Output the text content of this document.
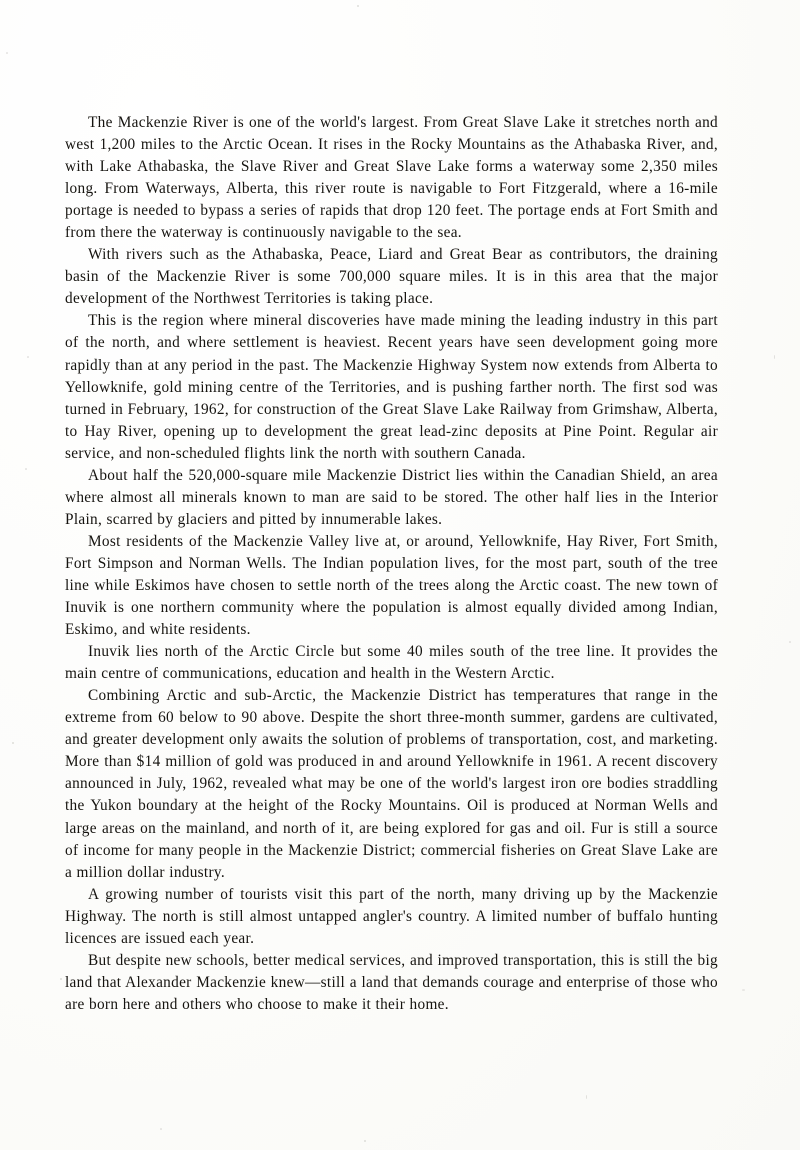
The Mackenzie River is one of the world's largest. From Great Slave Lake it stretches north and west 1,200 miles to the Arctic Ocean. It rises in the Rocky Mountains as the Athabaska River, and, with Lake Athabaska, the Slave River and Great Slave Lake forms a waterway some 2,350 miles long. From Waterways, Alberta, this river route is navigable to Fort Fitzgerald, where a 16-mile portage is needed to bypass a series of rapids that drop 120 feet. The portage ends at Fort Smith and from there the waterway is continuously navigable to the sea.

With rivers such as the Athabaska, Peace, Liard and Great Bear as contributors, the draining basin of the Mackenzie River is some 700,000 square miles. It is in this area that the major development of the Northwest Territories is taking place.

This is the region where mineral discoveries have made mining the leading industry in this part of the north, and where settlement is heaviest. Recent years have seen development going more rapidly than at any period in the past. The Mackenzie Highway System now extends from Alberta to Yellowknife, gold mining centre of the Territories, and is pushing farther north. The first sod was turned in February, 1962, for construction of the Great Slave Lake Railway from Grimshaw, Alberta, to Hay River, opening up to development the great lead-zinc deposits at Pine Point. Regular air service, and non-scheduled flights link the north with southern Canada.

About half the 520,000-square mile Mackenzie District lies within the Canadian Shield, an area where almost all minerals known to man are said to be stored. The other half lies in the Interior Plain, scarred by glaciers and pitted by innumerable lakes.

Most residents of the Mackenzie Valley live at, or around, Yellowknife, Hay River, Fort Smith, Fort Simpson and Norman Wells. The Indian population lives, for the most part, south of the tree line while Eskimos have chosen to settle north of the trees along the Arctic coast. The new town of Inuvik is one northern community where the population is almost equally divided among Indian, Eskimo, and white residents.

Inuvik lies north of the Arctic Circle but some 40 miles south of the tree line. It provides the main centre of communications, education and health in the Western Arctic.

Combining Arctic and sub-Arctic, the Mackenzie District has temperatures that range in the extreme from 60 below to 90 above. Despite the short three-month summer, gardens are cultivated, and greater development only awaits the solution of problems of transportation, cost, and marketing. More than $14 million of gold was produced in and around Yellowknife in 1961. A recent discovery announced in July, 1962, revealed what may be one of the world's largest iron ore bodies straddling the Yukon boundary at the height of the Rocky Mountains. Oil is produced at Norman Wells and large areas on the mainland, and north of it, are being explored for gas and oil. Fur is still a source of income for many people in the Mackenzie District; commercial fisheries on Great Slave Lake are a million dollar industry.

A growing number of tourists visit this part of the north, many driving up by the Mackenzie Highway. The north is still almost untapped angler's country. A limited number of buffalo hunting licences are issued each year.

But despite new schools, better medical services, and improved transportation, this is still the big land that Alexander Mackenzie knew—still a land that demands courage and enterprise of those who are born here and others who choose to make it their home.
